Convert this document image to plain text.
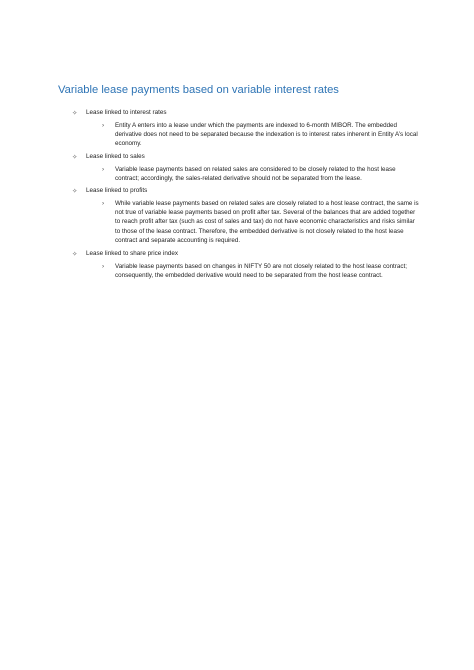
Variable lease payments based on variable interest rates
✧ Lease linked to interest rates
› Entity A enters into a lease under which the payments are indexed to 6-month MIBOR. The embedded derivative does not need to be separated because the indexation is to interest rates inherent in Entity A’s local economy.
✧ Lease linked to sales
› Variable lease payments based on related sales are considered to be closely related to the host lease contract; accordingly, the sales-related derivative should not be separated from the lease.
✧ Lease linked to profits
› While variable lease payments based on related sales are closely related to a host lease contract, the same is not true of variable lease payments based on profit after tax. Several of the balances that are added together to reach profit after tax (such as cost of sales and tax) do not have economic characteristics and risks similar to those of the lease contract. Therefore, the embedded derivative is not closely related to the host lease contract and separate accounting is required.
✧ Lease linked to share price index
› Variable lease payments based on changes in NIFTY 50 are not closely related to the host lease contract; consequently, the embedded derivative would need to be separated from the host lease contract.
